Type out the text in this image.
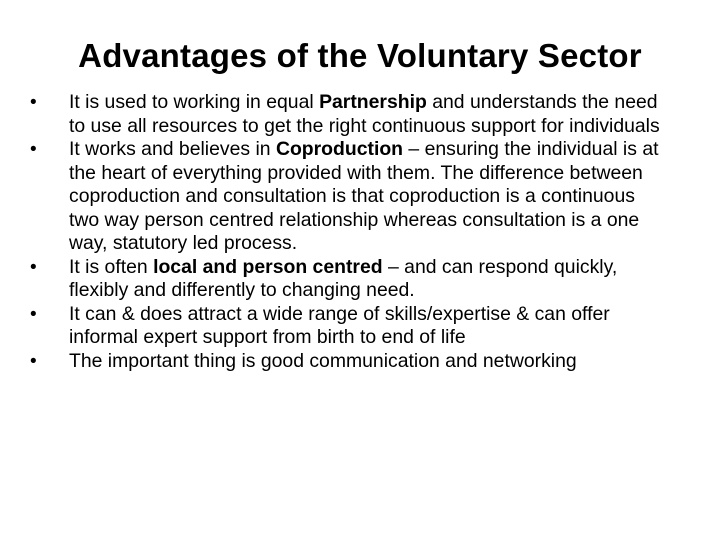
Advantages of the Voluntary Sector
•	It is used to working in equal Partnership and understands the need to use all resources to get the right continuous support for individuals
•	It works and believes in Coproduction – ensuring the individual is at the heart of everything provided with them. The difference between coproduction and consultation is that coproduction is a continuous two way person centred relationship whereas consultation is a one way, statutory led process.
•	It is often local and person centred – and can respond quickly, flexibly and differently to changing need.
•	It can & does attract a wide range of skills/expertise & can offer informal expert support from birth to end of life
•	The important thing is good communication and networking
